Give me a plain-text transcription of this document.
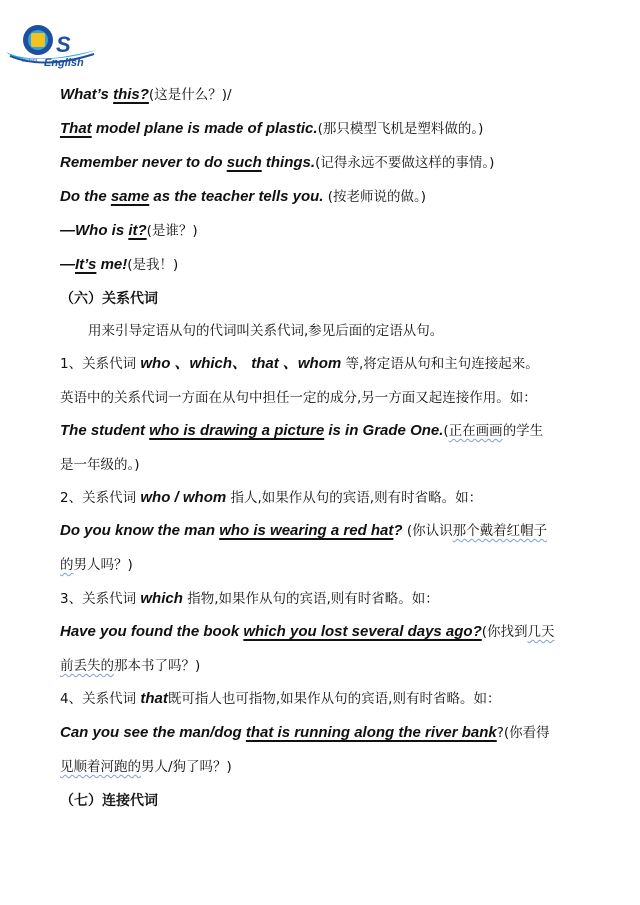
S
Instant English
What’s this?(这是什么？)/
That model plane is made of plastic.(那只模型飞机是塑料做的。)
Remember never to do such things.(记得永远不要做这样的事情。)
Do the same as the teacher tells you. (按老师说的做。)
—Who is it?(是谁？)
—It’s me!(是我！)
（六）关系代词
用来引导定语从句的代词叫关系代词,参见后面的定语从句。
1、关系代词 who 、which、 that 、whom 等,将定语从句和主句连接起来。
英语中的关系代词一方面在从句中担任一定的成分,另一方面又起连接作用。如：
The student who is drawing a picture is in Grade One.(正在画画的学生
是一年级的。)
2、关系代词 who / whom 指人,如果作从句的宾语,则有时省略。如：
Do you know the man who is wearing a red hat? (你认识那个戴着红帽子
的男人吗？)
3、关系代词 which 指物,如果作从句的宾语,则有时省略。如：
Have you found the book which you lost several days ago?(你找到几天
前丢失的那本书了吗？)
4、关系代词 that既可指人也可指物,如果作从句的宾语,则有时省略。如：
Can you see the man/dog that is running along the river bank?(你看得
见顺着河跑的男人/狗了吗？)
（七）连接代词
